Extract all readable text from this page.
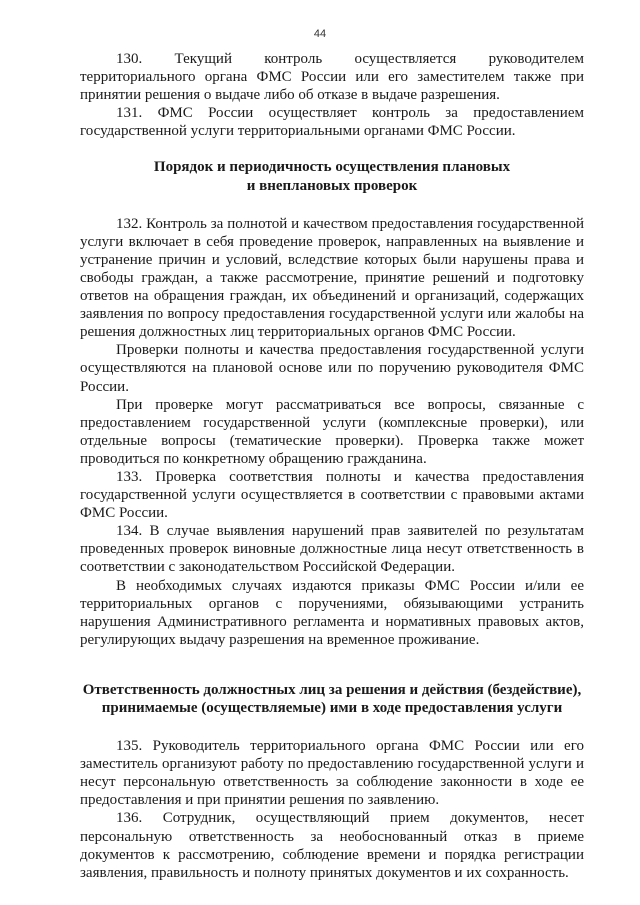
44

130. Текущий контроль осуществляется руководителем территориального органа ФМС России или его заместителем также при принятии решения о выдаче либо об отказе в выдаче разрешения.

131. ФМС России осуществляет контроль за предоставлением государственной услуги территориальными органами ФМС России.

Порядок и периодичность осуществления плановых
и внеплановых проверок

132. Контроль за полнотой и качеством предоставления государственной услуги включает в себя проведение проверок, направленных на выявление и устранение причин и условий, вследствие которых были нарушены права и свободы граждан, а также рассмотрение, принятие решений и подготовку ответов на обращения граждан, их объединений и организаций, содержащих заявления по вопросу предоставления государственной услуги или жалобы на решения должностных лиц территориальных органов ФМС России.

Проверки полноты и качества предоставления государственной услуги осуществляются на плановой основе или по поручению руководителя ФМС России.

При проверке могут рассматриваться все вопросы, связанные с предоставлением государственной услуги (комплексные проверки), или отдельные вопросы (тематические проверки). Проверка также может проводиться по конкретному обращению гражданина.

133. Проверка соответствия полноты и качества предоставления государственной услуги осуществляется в соответствии с правовыми актами ФМС России.

134. В случае выявления нарушений прав заявителей по результатам проведенных проверок виновные должностные лица несут ответственность в соответствии с законодательством Российской Федерации.

В необходимых случаях издаются приказы ФМС России и/или ее территориальных органов с поручениями, обязывающими устранить нарушения Административного регламента и нормативных правовых актов, регулирующих выдачу разрешения на временное проживание.

Ответственность должностных лиц за решения и действия (бездействие),
принимаемые (осуществляемые) ими в ходе предоставления услуги

135. Руководитель территориального органа ФМС России или его заместитель организуют работу по предоставлению государственной услуги и несут персональную ответственность за соблюдение законности в ходе ее предоставления и при принятии решения по заявлению.

136. Сотрудник, осуществляющий прием документов, несет персональную ответственность за необоснованный отказ в приеме документов к рассмотрению, соблюдение времени и порядка регистрации заявления, правильность и полноту принятых документов и их сохранность.
